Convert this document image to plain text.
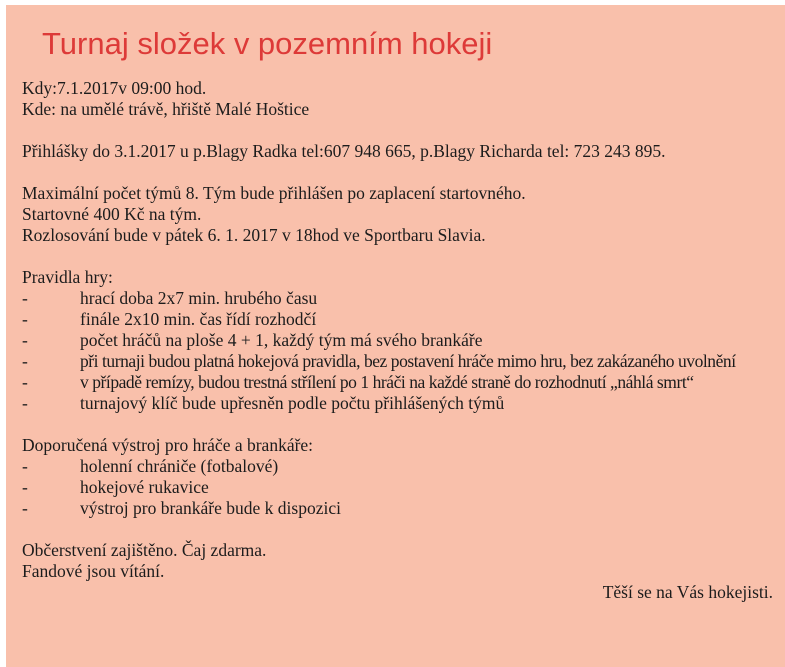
Turnaj složek v pozemním hokeji
Kdy:7.1.2017v 09:00 hod.
Kde: na umělé trávě, hřiště Malé Hoštice
Přihlášky do 3.1.2017 u p.Blagy Radka tel:607 948 665, p.Blagy Richarda tel: 723 243 895.
Maximální počet týmů 8. Tým bude přihlášen po zaplacení startovného.
Startovné 400 Kč na tým.
Rozlosování bude v pátek 6. 1. 2017 v 18hod ve Sportbaru Slavia.
Pravidla hry:
-	hrací doba 2x7 min. hrubého času
-	finále 2x10 min. čas řídí rozhodčí
-	počet hráčů na ploše 4 + 1, každý tým má svého brankáře
-	při turnaji budou platná hokejová pravidla, bez postavení hráče mimo hru, bez zakázaného uvolnění
-	v případě remízy, budou trestná střílení po 1 hráči na každé straně do rozhodnutí „náhlá smrt“
-	turnajový klíč bude upřesněn podle počtu přihlášených týmů
Doporučená výstroj pro hráče a brankáře:
-	holenní chrániče (fotbalové)
-	hokejové rukavice
-	výstroj pro brankáře bude k dispozici
Občerstvení zajištěno. Čaj zdarma.
Fandové jsou vítání.
Těší se na Vás hokejisti.
